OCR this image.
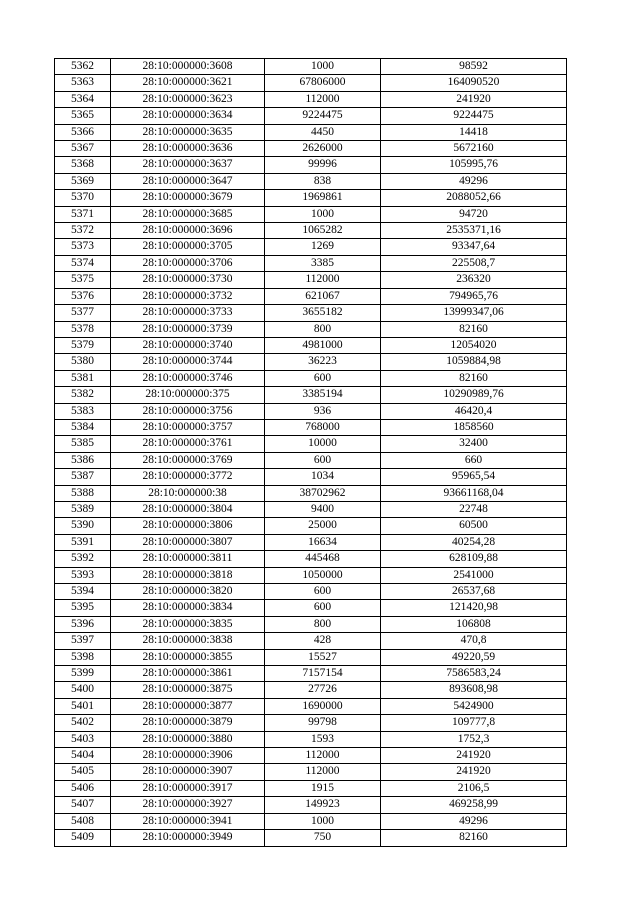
5362	28:10:000000:3608	1000	98592
5363	28:10:000000:3621	67806000	164090520
5364	28:10:000000:3623	112000	241920
5365	28:10:000000:3634	9224475	9224475
5366	28:10:000000:3635	4450	14418
5367	28:10:000000:3636	2626000	5672160
5368	28:10:000000:3637	99996	105995,76
5369	28:10:000000:3647	838	49296
5370	28:10:000000:3679	1969861	2088052,66
5371	28:10:000000:3685	1000	94720
5372	28:10:000000:3696	1065282	2535371,16
5373	28:10:000000:3705	1269	93347,64
5374	28:10:000000:3706	3385	225508,7
5375	28:10:000000:3730	112000	236320
5376	28:10:000000:3732	621067	794965,76
5377	28:10:000000:3733	3655182	13999347,06
5378	28:10:000000:3739	800	82160
5379	28:10:000000:3740	4981000	12054020
5380	28:10:000000:3744	36223	1059884,98
5381	28:10:000000:3746	600	82160
5382	28:10:000000:375	3385194	10290989,76
5383	28:10:000000:3756	936	46420,4
5384	28:10:000000:3757	768000	1858560
5385	28:10:000000:3761	10000	32400
5386	28:10:000000:3769	600	660
5387	28:10:000000:3772	1034	95965,54
5388	28:10:000000:38	38702962	93661168,04
5389	28:10:000000:3804	9400	22748
5390	28:10:000000:3806	25000	60500
5391	28:10:000000:3807	16634	40254,28
5392	28:10:000000:3811	445468	628109,88
5393	28:10:000000:3818	1050000	2541000
5394	28:10:000000:3820	600	26537,68
5395	28:10:000000:3834	600	121420,98
5396	28:10:000000:3835	800	106808
5397	28:10:000000:3838	428	470,8
5398	28:10:000000:3855	15527	49220,59
5399	28:10:000000:3861	7157154	7586583,24
5400	28:10:000000:3875	27726	893608,98
5401	28:10:000000:3877	1690000	5424900
5402	28:10:000000:3879	99798	109777,8
5403	28:10:000000:3880	1593	1752,3
5404	28:10:000000:3906	112000	241920
5405	28:10:000000:3907	112000	241920
5406	28:10:000000:3917	1915	2106,5
5407	28:10:000000:3927	149923	469258,99
5408	28:10:000000:3941	1000	49296
5409	28:10:000000:3949	750	82160
